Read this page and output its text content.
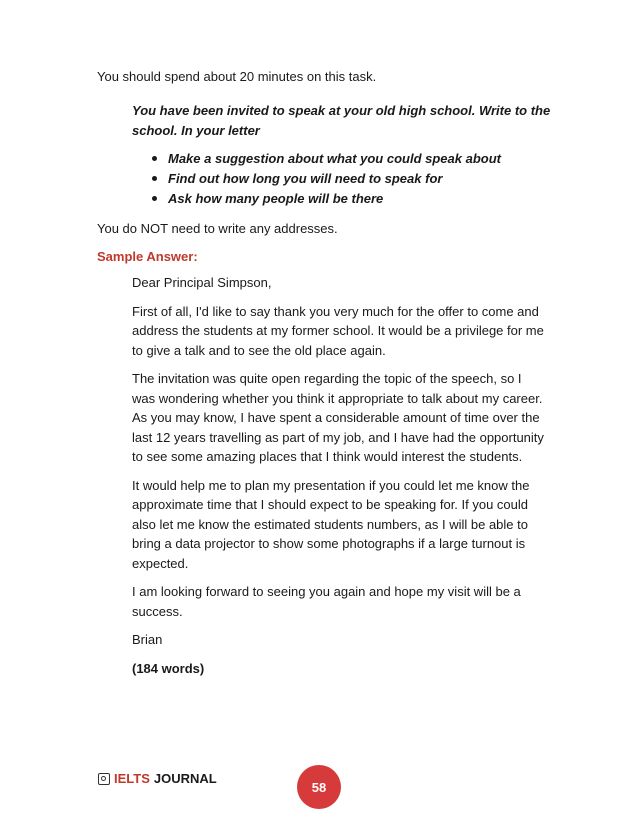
You should spend about 20 minutes on this task.
You have been invited to speak at your old high school. Write to the school. In your letter
Make a suggestion about what you could speak about
Find out how long you will need to speak for
Ask how many people will be there
You do NOT need to write any addresses.
Sample Answer:

Dear Principal Simpson,

First of all, I'd like to say thank you very much for the offer to come and address the students at my former school. It would be a privilege for me to give a talk and to see the old place again.

The invitation was quite open regarding the topic of the speech, so I was wondering whether you think it appropriate to talk about my career. As you may know, I have spent a considerable amount of time over the last 12 years travelling as part of my job, and I have had the opportunity to see some amazing places that I think would interest the students.

It would help me to plan my presentation if you could let me know the approximate time that I should expect to be speaking for. If you could also let me know the estimated students numbers, as I will be able to bring a data projector to show some photographs if a large turnout is expected.

I am looking forward to seeing you again and hope my visit will be a success.

Brian

(184 words)

IELTS JOURNAL
58
